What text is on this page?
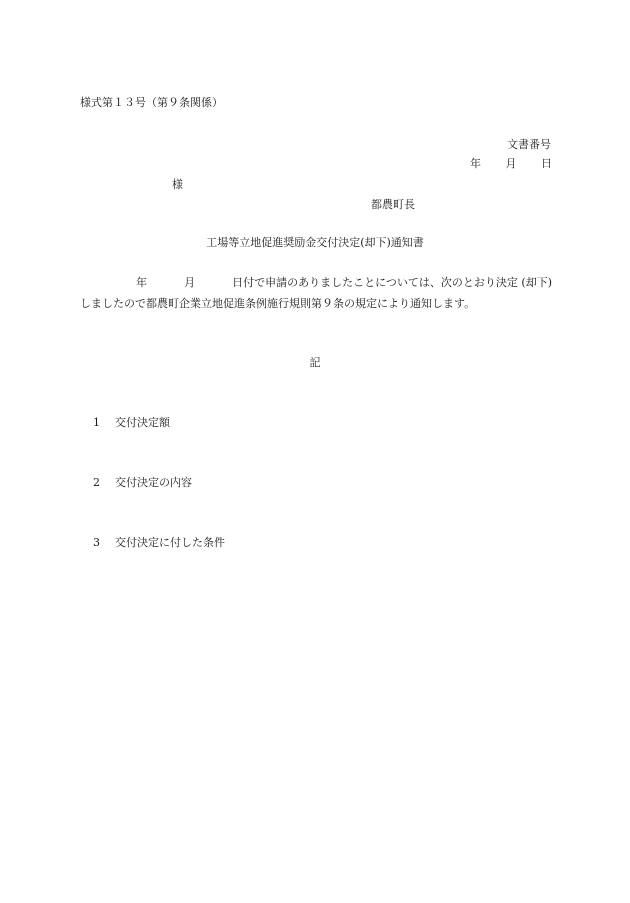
様式第１３号（第９条関係）
文書番号
年 月 日
様
都農町長
工場等立地促進奨励金交付決定(却下)通知書
年	月	日付で申請のありましたことについては、次のとおり決定 (却下)
しましたので都農町企業立地促進条例施行規則第９条の規定により通知します。
記
1 交付決定額
2 交付決定の内容
3 交付決定に付した条件
